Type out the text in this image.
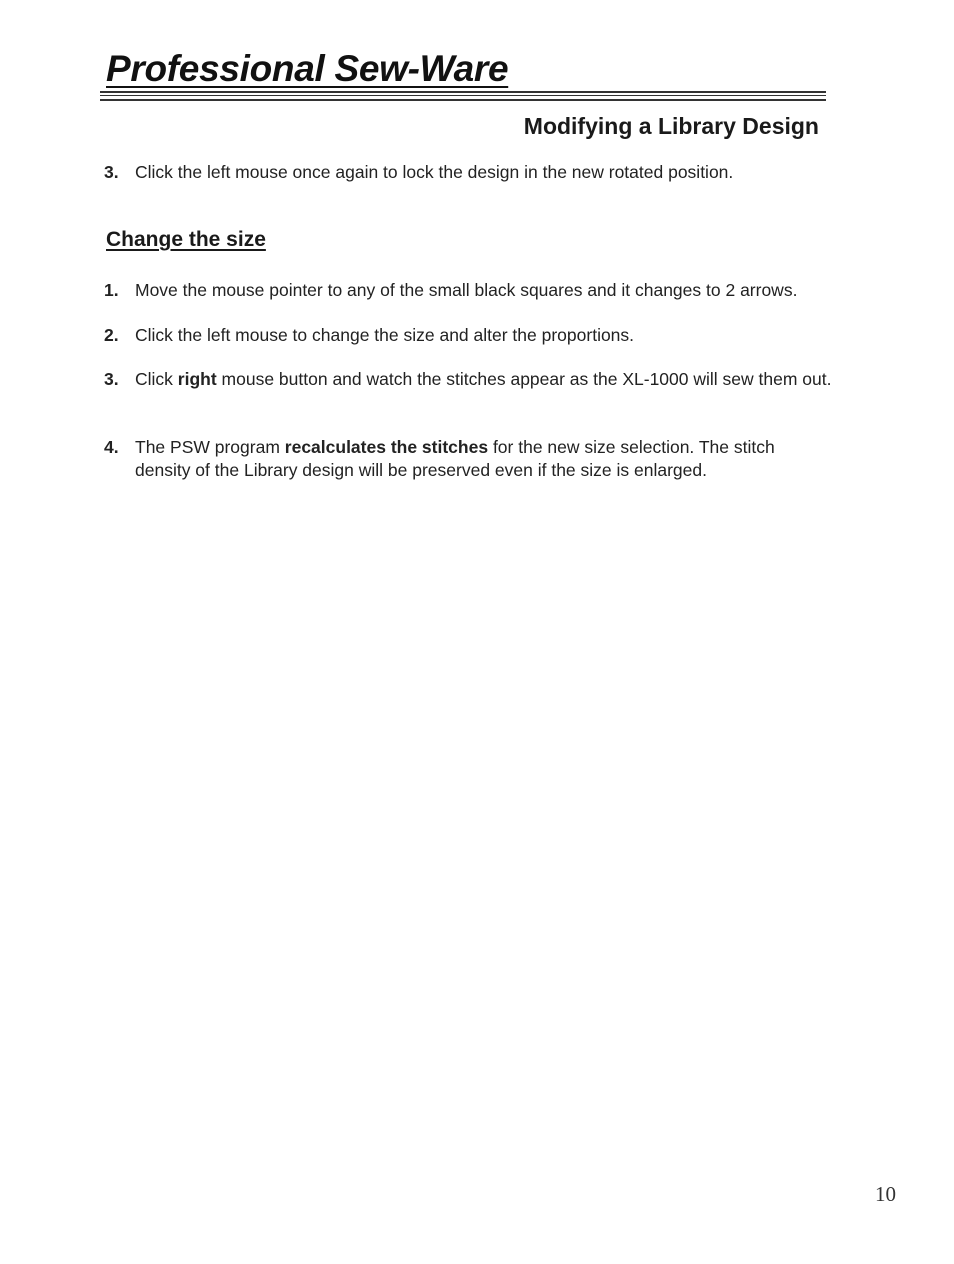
Professional Sew-Ware
Modifying a Library Design
3. Click the left mouse once again to lock the design in the new rotated position.
Change the size
1. Move the mouse pointer to any of the small black squares and it changes to 2 arrows.
2. Click the left mouse to change the size and alter the proportions.
3. Click right mouse button and watch the stitches appear as the XL-1000 will sew them out.
4. The PSW program recalculates the stitches for the new size selection. The stitch density of the Library design will be preserved even if the size is enlarged.
10
